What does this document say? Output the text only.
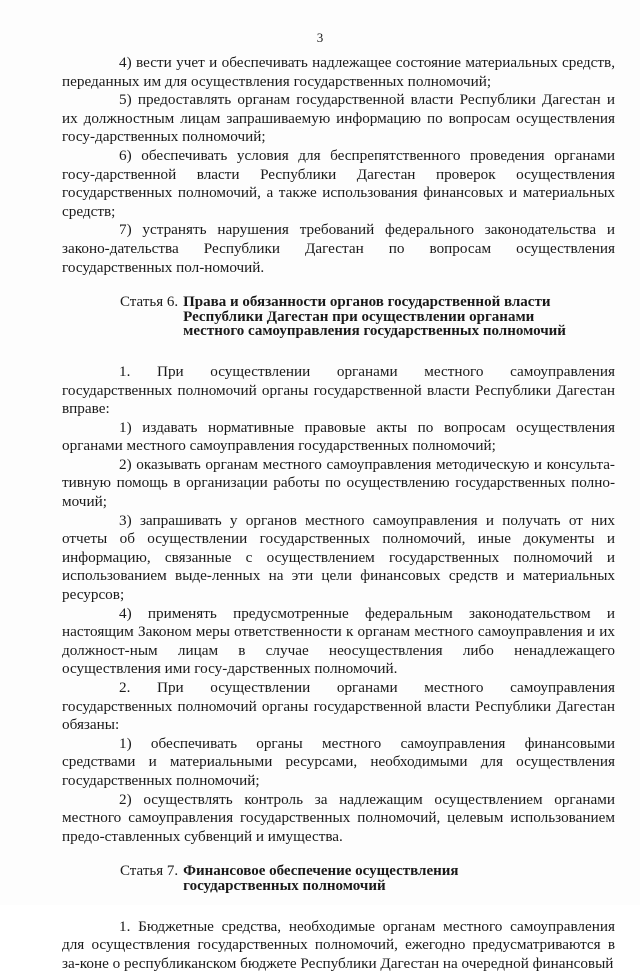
3

4) вести учет и обеспечивать надлежащее состояние материальных средств, переданных им для осуществления государственных полномочий;

5) предоставлять органам государственной власти Республики Дагестан и их должностным лицам запрашиваемую информацию по вопросам осуществления госу-дарственных полномочий;

6) обеспечивать условия для беспрепятственного проведения органами госу-дарственной власти Республики Дагестан проверок осуществления государственных полномочий, а также использования финансовых и материальных средств;

7) устранять нарушения требований федерального законодательства и законо-дательства Республики Дагестан по вопросам осуществления государственных пол-номочий.

Статья 6. Права и обязанности органов государственной власти Республики Дагестан при осуществлении органами местного самоуправления государственных полномочий

1. При осуществлении органами местного самоуправления государственных полномочий органы государственной власти Республики Дагестан вправе:

1) издавать нормативные правовые акты по вопросам осуществления органами местного самоуправления государственных полномочий;

2) оказывать органам местного самоуправления методическую и консульта-тивную помощь в организации работы по осуществлению государственных полно-мочий;

3) запрашивать у органов местного самоуправления и получать от них отчеты об осуществлении государственных полномочий, иные документы и информацию, связанные с осуществлением государственных полномочий и использованием выде-ленных на эти цели финансовых средств и материальных ресурсов;

4) применять предусмотренные федеральным законодательством и настоящим Законом меры ответственности к органам местного самоуправления и их должност-ным лицам в случае неосуществления либо ненадлежащего осуществления ими госу-дарственных полномочий.

2. При осуществлении органами местного самоуправления государственных полномочий органы государственной власти Республики Дагестан обязаны:

1) обеспечивать органы местного самоуправления финансовыми средствами и материальными ресурсами, необходимыми для осуществления государственных полномочий;

2) осуществлять контроль за надлежащим осуществлением органами местного самоуправления государственных полномочий, целевым использованием предо-ставленных субвенций и имущества.

Статья 7. Финансовое обеспечение осуществления государственных полномочий

1. Бюджетные средства, необходимые органам местного самоуправления для осуществления государственных полномочий, ежегодно предусматриваются в за-коне о республиканском бюджете Республики Дагестан на очередной финансовый
